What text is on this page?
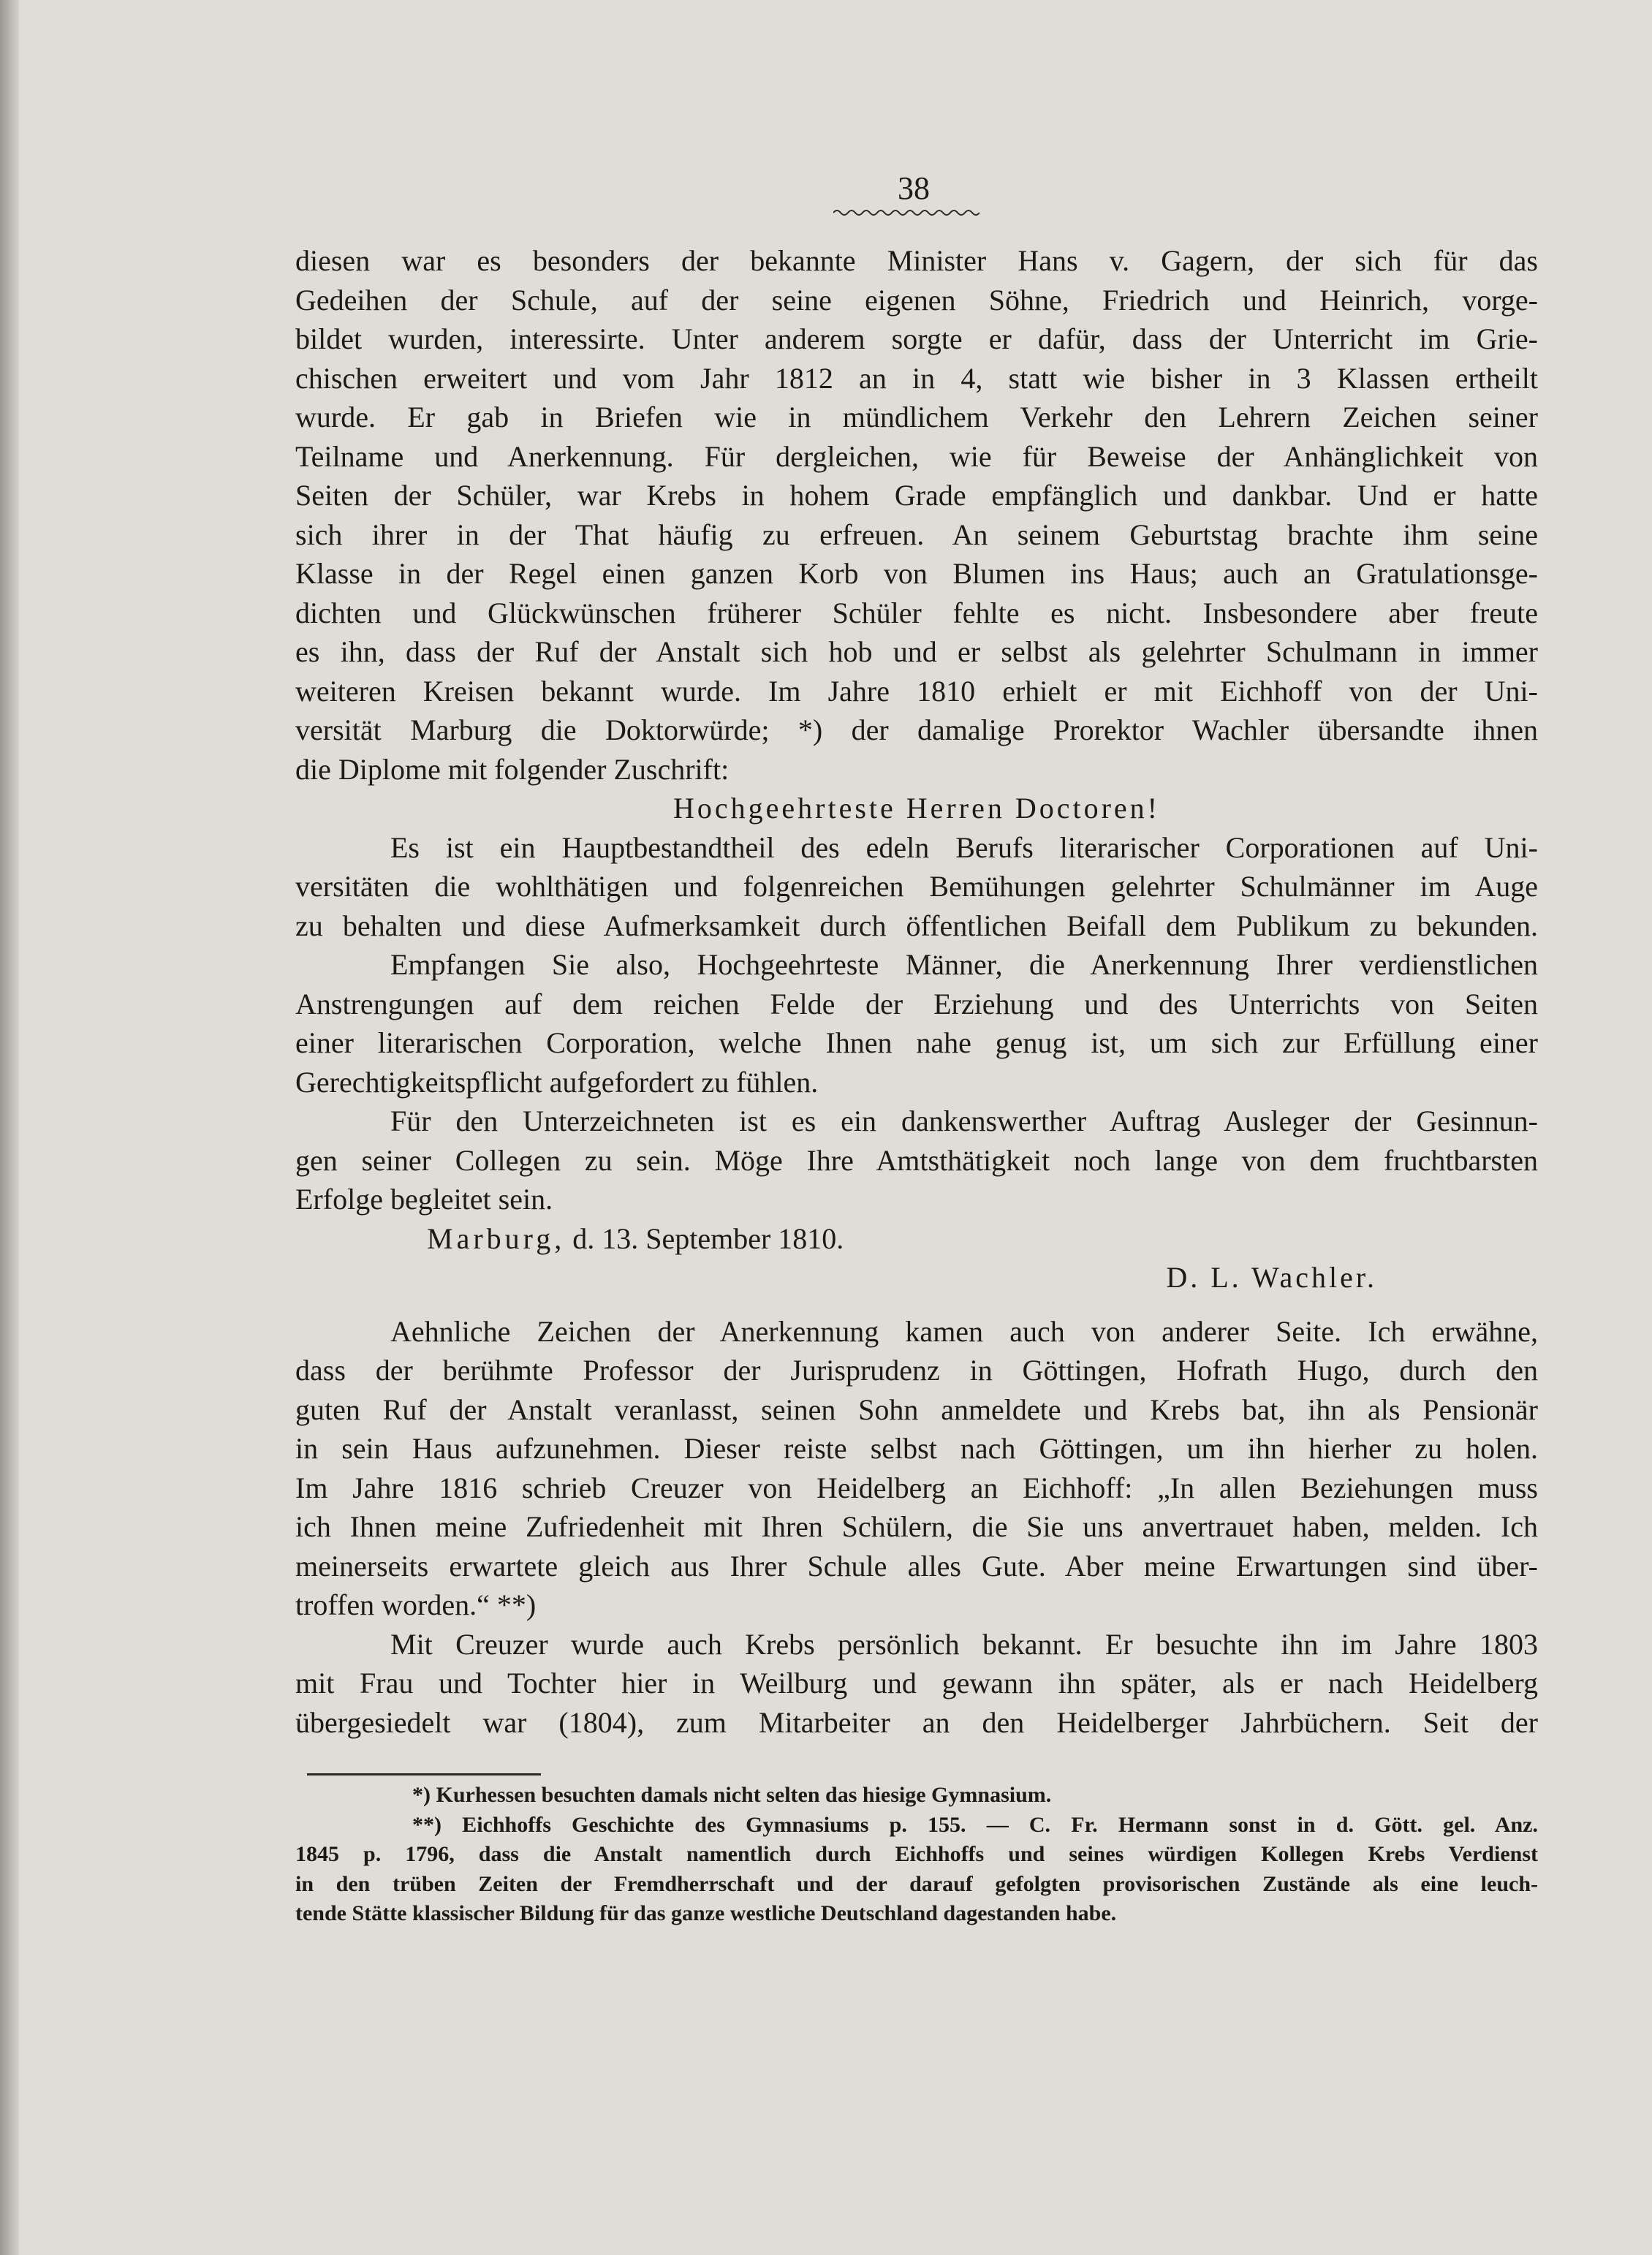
38
diesen war es besonders der bekannte Minister Hans v. Gagern, der sich für das
Gedeihen der Schule, auf der seine eigenen Söhne, Friedrich und Heinrich, vorge-
bildet wurden, interessirte. Unter anderem sorgte er dafür, dass der Unterricht im Grie-
chischen erweitert und vom Jahr 1812 an in 4, statt wie bisher in 3 Klassen ertheilt
wurde. Er gab in Briefen wie in mündlichem Verkehr den Lehrern Zeichen seiner
Teilname und Anerkennung. Für dergleichen, wie für Beweise der Anhänglichkeit von
Seiten der Schüler, war Krebs in hohem Grade empfänglich und dankbar. Und er hatte
sich ihrer in der That häufig zu erfreuen. An seinem Geburtstag brachte ihm seine
Klasse in der Regel einen ganzen Korb von Blumen ins Haus; auch an Gratulationsge-
dichten und Glückwünschen früherer Schüler fehlte es nicht. Insbesondere aber freute
es ihn, dass der Ruf der Anstalt sich hob und er selbst als gelehrter Schulmann in immer
weiteren Kreisen bekannt wurde. Im Jahre 1810 erhielt er mit Eichhoff von der Uni-
versität Marburg die Doktorwürde; *) der damalige Prorektor Wachler übersandte ihnen
die Diplome mit folgender Zuschrift:
Hochgeehrteste Herren Doctoren!
Es ist ein Hauptbestandtheil des edeln Berufs literarischer Corporationen auf Uni-
versitäten die wohlthätigen und folgenreichen Bemühungen gelehrter Schulmänner im Auge
zu behalten und diese Aufmerksamkeit durch öffentlichen Beifall dem Publikum zu bekunden.
Empfangen Sie also, Hochgeehrteste Männer, die Anerkennung Ihrer verdienstlichen
Anstrengungen auf dem reichen Felde der Erziehung und des Unterrichts von Seiten
einer literarischen Corporation, welche Ihnen nahe genug ist, um sich zur Erfüllung einer
Gerechtigkeitspflicht aufgefordert zu fühlen.
Für den Unterzeichneten ist es ein dankenswerther Auftrag Ausleger der Gesinnun-
gen seiner Collegen zu sein. Möge Ihre Amtsthätigkeit noch lange von dem fruchtbarsten
Erfolge begleitet sein.
Marburg, d. 13. September 1810.
D. L. Wachler.
Aehnliche Zeichen der Anerkennung kamen auch von anderer Seite. Ich erwähne,
dass der berühmte Professor der Jurisprudenz in Göttingen, Hofrath Hugo, durch den
guten Ruf der Anstalt veranlasst, seinen Sohn anmeldete und Krebs bat, ihn als Pensionär
in sein Haus aufzunehmen. Dieser reiste selbst nach Göttingen, um ihn hierher zu holen.
Im Jahre 1816 schrieb Creuzer von Heidelberg an Eichhoff: „In allen Beziehungen muss
ich Ihnen meine Zufriedenheit mit Ihren Schülern, die Sie uns anvertrauet haben, melden. Ich
meinerseits erwartete gleich aus Ihrer Schule alles Gute. Aber meine Erwartungen sind über-
troffen worden.“ **)
Mit Creuzer wurde auch Krebs persönlich bekannt. Er besuchte ihn im Jahre 1803
mit Frau und Tochter hier in Weilburg und gewann ihn später, als er nach Heidelberg
übergesiedelt war (1804), zum Mitarbeiter an den Heidelberger Jahrbüchern. Seit der
*) Kurhessen besuchten damals nicht selten das hiesige Gymnasium.
**) Eichhoffs Geschichte des Gymnasiums p. 155. — C. Fr. Hermann sonst in d. Gött. gel. Anz.
1845 p. 1796, dass die Anstalt namentlich durch Eichhoffs und seines würdigen Kollegen Krebs Verdienst
in den trüben Zeiten der Fremdherrschaft und der darauf gefolgten provisorischen Zustände als eine leuch-
tende Stätte klassischer Bildung für das ganze westliche Deutschland dagestanden habe.
